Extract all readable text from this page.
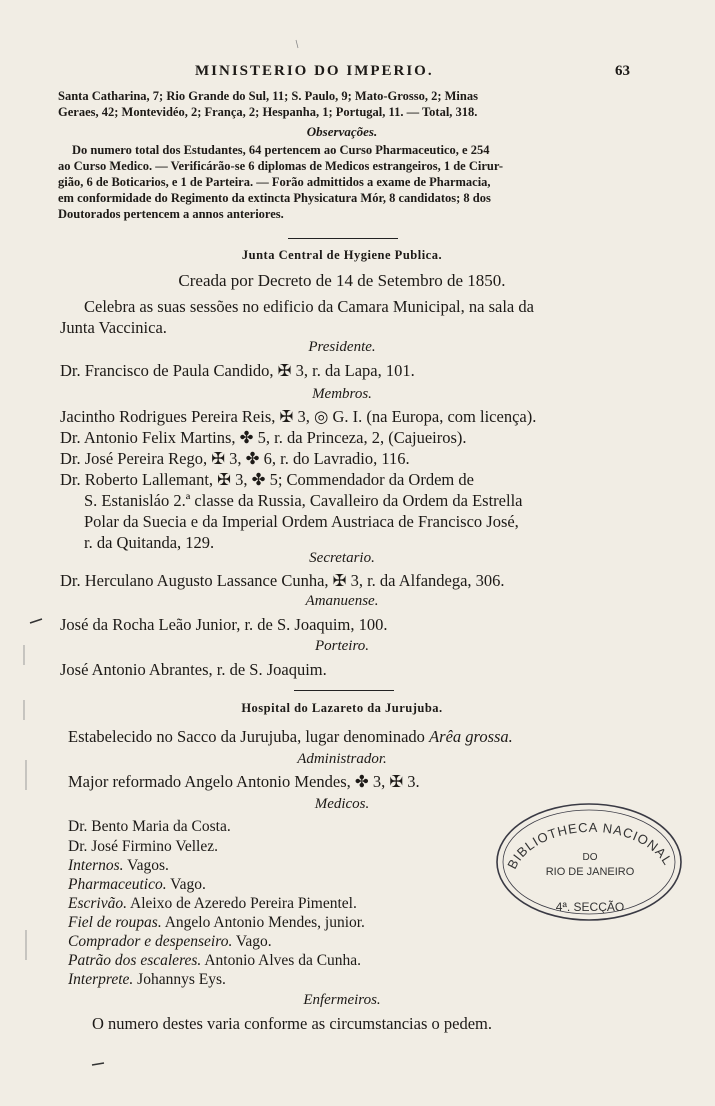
MINISTERIO DO IMPERIO.	63
Santa Catharina, 7; Rio Grande do Sul, 11; S. Paulo, 9; Mato-Grosso, 2; Minas
Geraes, 42; Montevidéo, 2; França, 2; Hespanha, 1; Portugal, 11. — Total, 318.
Observações.
Do numero total dos Estudantes, 64 pertencem ao Curso Pharmaceutico, e 254
ao Curso Medico. — Verificárão-se 6 diplomas de Medicos estrangeiros, 1 de Cirur-
gião, 6 de Boticarios, e 1 de Parteira. — Forão admittidos a exame de Pharmacia,
em conformidade do Regimento da extincta Physicatura Mór, 8 candidatos; 8 dos
Doutorados pertencem a annos anteriores.
Junta Central de Hygiene Publica.
Creada por Decreto de 14 de Setembro de 1850.
Celebra as suas sessões no edificio da Camara Municipal, na sala da
Junta Vaccinica.
Presidente.
Dr. Francisco de Paula Candido, ✠ 3, r. da Lapa, 101.
Membros.
Jacintho Rodrigues Pereira Reis, ✠ 3, ◎ G. I. (na Europa, com licença).
Dr. Antonio Felix Martins, ✤ 5, r. da Princeza, 2, (Cajueiros).
Dr. José Pereira Rego, ✠ 3, ✤ 6, r. do Lavradio, 116.
Dr. Roberto Lallemant, ✠ 3, ✤ 5; Commendador da Ordem de
S. Estanisláo 2.ª classe da Russia, Cavalleiro da Ordem da Estrella
Polar da Suecia e da Imperial Ordem Austriaca de Francisco José,
r. da Quitanda, 129.
Secretario.
Dr. Herculano Augusto Lassance Cunha, ✠ 3, r. da Alfandega, 306.
Amanuense.
José da Rocha Leão Junior, r. de S. Joaquim, 100.
Porteiro.
José Antonio Abrantes, r. de S. Joaquim.
Hospital do Lazareto da Jurujuba.
Estabelecido no Sacco da Jurujuba, lugar denominado Arêa grossa.
Administrador.
Major reformado Angelo Antonio Mendes, ✤ 3, ✠ 3.
Medicos.
Dr. Bento Maria da Costa.
Dr. José Firmino Vellez.
Internos. Vagos.
Pharmaceutico. Vago.
Escrivão. Aleixo de Azeredo Pereira Pimentel.
Fiel de roupas. Angelo Antonio Mendes, junior.
Comprador e despenseiro. Vago.
Patrão dos escaleres. Antonio Alves da Cunha.
Interprete. Johannys Eys.
Enfermeiros.
O numero destes varia conforme as circumstancias o pedem.
BIBLIOTHECA NACIONAL
DO
RIO DE JANEIRO
4ª. SECÇÃO
